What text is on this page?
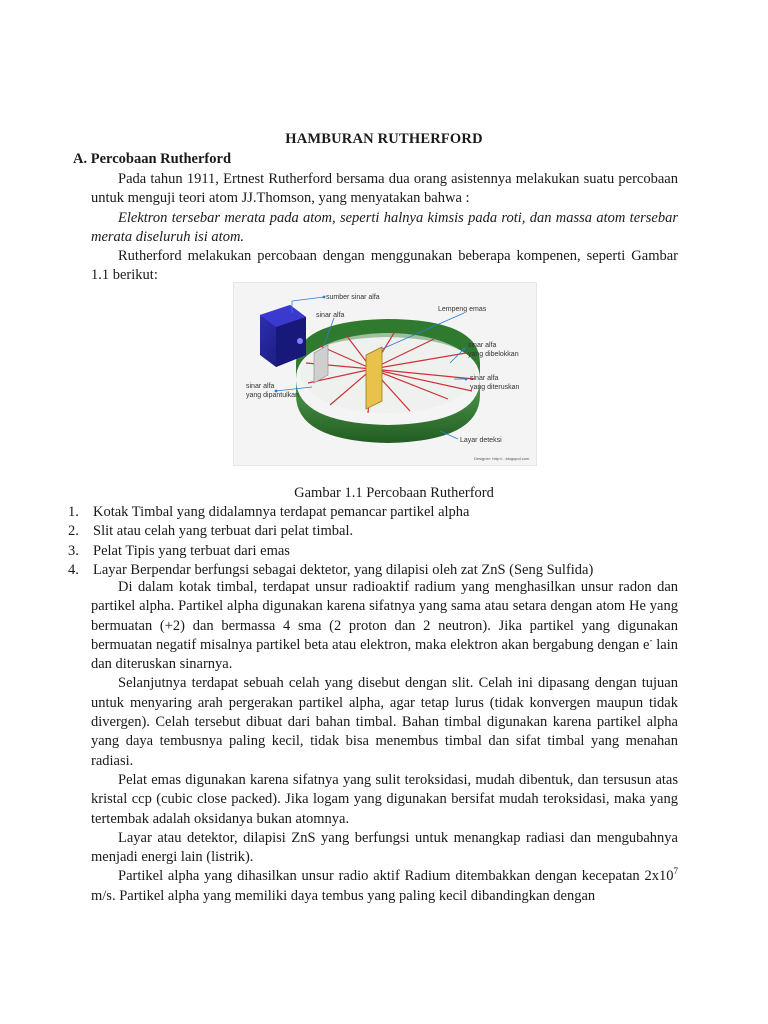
HAMBURAN RUTHERFORD
A. Percobaan Rutherford

Pada tahun 1911, Ertnest Rutherford bersama dua orang asistennya melakukan suatu percobaan untuk menguji teori atom JJ.Thomson, yang menyatakan bahwa :

Elektron tersebar merata pada atom, seperti halnya kimsis pada roti, dan massa atom tersebar merata diseluruh isi atom.

Rutherford melakukan percobaan dengan menggunakan beberapa kompenen, seperti Gambar 1.1 berikut:

sumber sinar alfa
sinar alfa
Lempeng emas
sinar alfa
yang dibelokkan
sinar alfa
yang diteruskan
sinar alfa
yang dipantulkan
Layar deteksi
Designer: http://...blogspot.com
Gambar 1.1 Percobaan Rutherford
1. Kotak Timbal yang didalamnya terdapat pemancar partikel alpha
2. Slit atau celah yang terbuat dari pelat timbal.
3. Pelat Tipis yang terbuat dari emas
4. Layar Berpendar berfungsi sebagai dektetor, yang dilapisi oleh zat ZnS (Seng Sulfida)

Di dalam kotak timbal, terdapat unsur radioaktif radium yang menghasilkan unsur radon dan partikel alpha. Partikel alpha digunakan karena sifatnya yang sama atau setara dengan atom He yang bermuatan (+2) dan bermassa 4 sma (2 proton dan 2 neutron). Jika partikel yang digunakan bermuatan negatif misalnya partikel beta atau elektron, maka elektron akan bergabung dengan e- lain dan diteruskan sinarnya.

Selanjutnya terdapat sebuah celah yang disebut dengan slit. Celah ini dipasang dengan tujuan untuk menyaring arah pergerakan partikel alpha, agar tetap lurus (tidak konvergen maupun tidak divergen). Celah tersebut dibuat dari bahan timbal. Bahan timbal digunakan karena partikel alpha yang daya tembusnya paling kecil, tidak bisa menembus timbal dan sifat timbal yang menahan radiasi.

Pelat emas digunakan karena sifatnya yang sulit teroksidasi, mudah dibentuk, dan tersusun atas kristal ccp (cubic close packed). Jika logam yang digunakan bersifat mudah teroksidasi, maka yang tertembak adalah oksidanya bukan atomnya.

Layar atau detektor, dilapisi ZnS yang berfungsi untuk menangkap radiasi dan mengubahnya menjadi energi lain (listrik).

Partikel alpha yang dihasilkan unsur radio aktif Radium ditembakkan dengan kecepatan $2x10^7$ m/s. Partikel alpha yang memiliki daya tembus yang paling kecil dibandingkan dengan
